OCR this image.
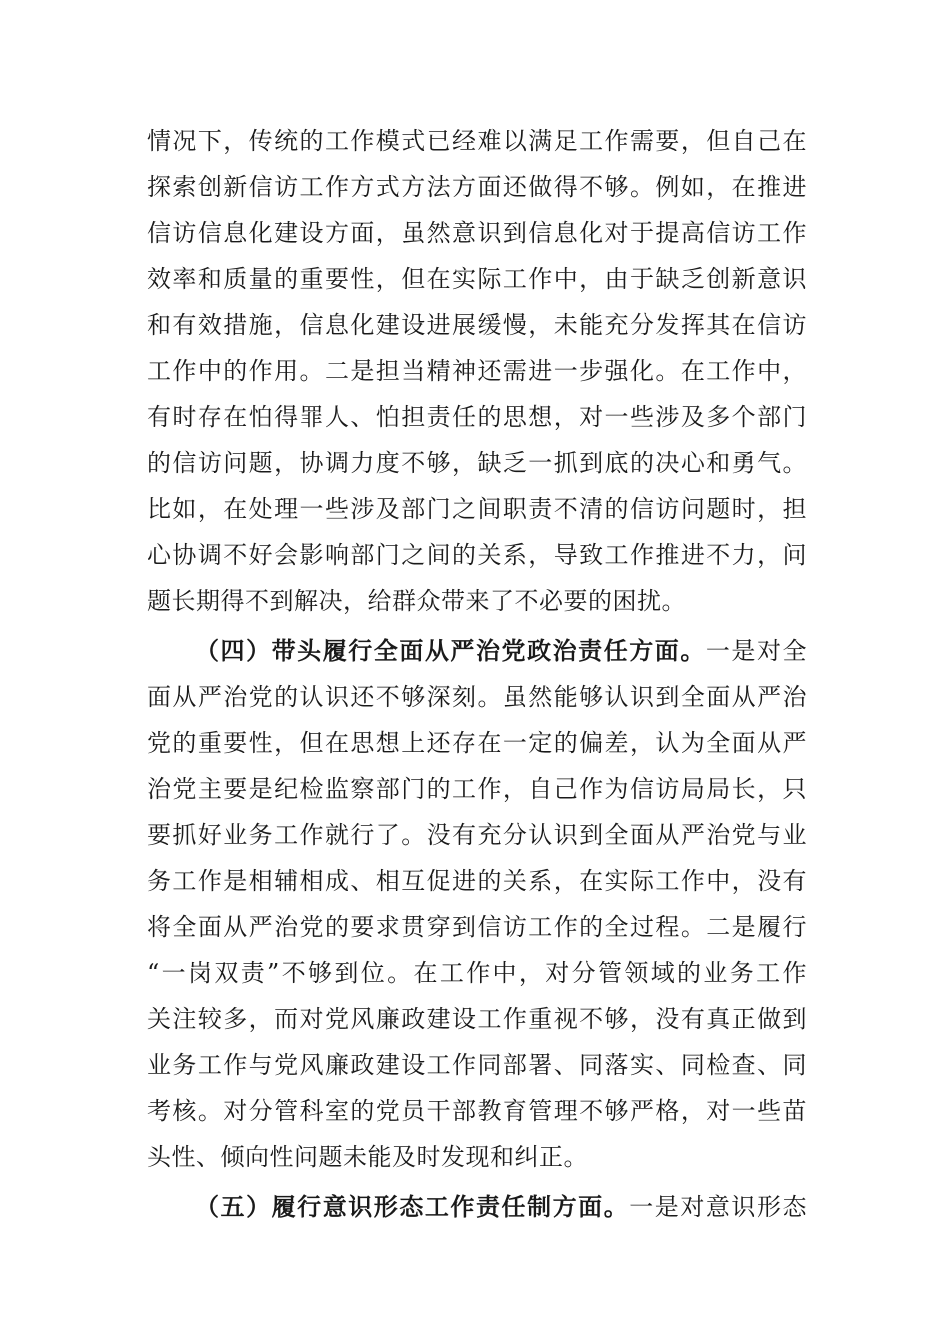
情况下，传统的工作模式已经难以满足工作需要，但自己在
探索创新信访工作方式方法方面还做得不够。例如，在推进
信访信息化建设方面，虽然意识到信息化对于提高信访工作
效率和质量的重要性，但在实际工作中，由于缺乏创新意识
和有效措施，信息化建设进展缓慢，未能充分发挥其在信访
工作中的作用。二是担当精神还需进一步强化。在工作中，
有时存在怕得罪人、怕担责任的思想，对一些涉及多个部门
的信访问题，协调力度不够，缺乏一抓到底的决心和勇气。
比如，在处理一些涉及部门之间职责不清的信访问题时，担
心协调不好会影响部门之间的关系，导致工作推进不力，问
题长期得不到解决，给群众带来了不必要的困扰。
（四）带头履行全面从严治党政治责任方面。一是对全
面从严治党的认识还不够深刻。虽然能够认识到全面从严治
党的重要性，但在思想上还存在一定的偏差，认为全面从严
治党主要是纪检监察部门的工作，自己作为信访局局长，只
要抓好业务工作就行了。没有充分认识到全面从严治党与业
务工作是相辅相成、相互促进的关系，在实际工作中，没有
将全面从严治党的要求贯穿到信访工作的全过程。二是履行
“一岗双责”不够到位。在工作中，对分管领域的业务工作
关注较多，而对党风廉政建设工作重视不够，没有真正做到
业务工作与党风廉政建设工作同部署、同落实、同检查、同
考核。对分管科室的党员干部教育管理不够严格，对一些苗
头性、倾向性问题未能及时发现和纠正。
（五）履行意识形态工作责任制方面。一是对意识形态
